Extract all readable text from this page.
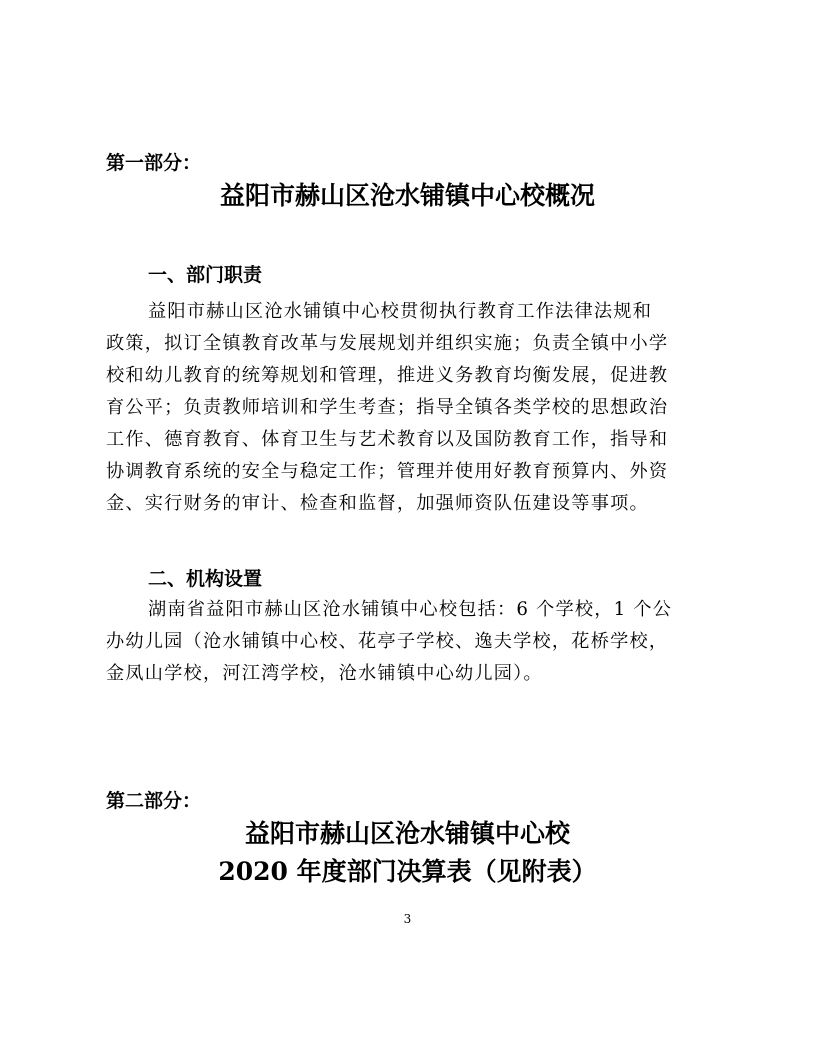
第一部分：
益阳市赫山区沧水铺镇中心校概况
一、部门职责
益阳市赫山区沧水铺镇中心校贯彻执行教育工作法律法规和
政策，拟订全镇教育改革与发展规划并组织实施；负责全镇中小学
校和幼儿教育的统筹规划和管理，推进义务教育均衡发展，促进教
育公平；负责教师培训和学生考查；指导全镇各类学校的思想政治
工作、德育教育、体育卫生与艺术教育以及国防教育工作，指导和
协调教育系统的安全与稳定工作；管理并使用好教育预算内、外资
金、实行财务的审计、检查和监督，加强师资队伍建设等事项。
二、机构设置
湖南省益阳市赫山区沧水铺镇中心校包括：6 个学校，1 个公
办幼儿园（沧水铺镇中心校、花亭子学校、逸夫学校，花桥学校，
金凤山学校，河江湾学校，沧水铺镇中心幼儿园）。
第二部分：
益阳市赫山区沧水铺镇中心校
2020 年度部门决算表（见附表）
3
